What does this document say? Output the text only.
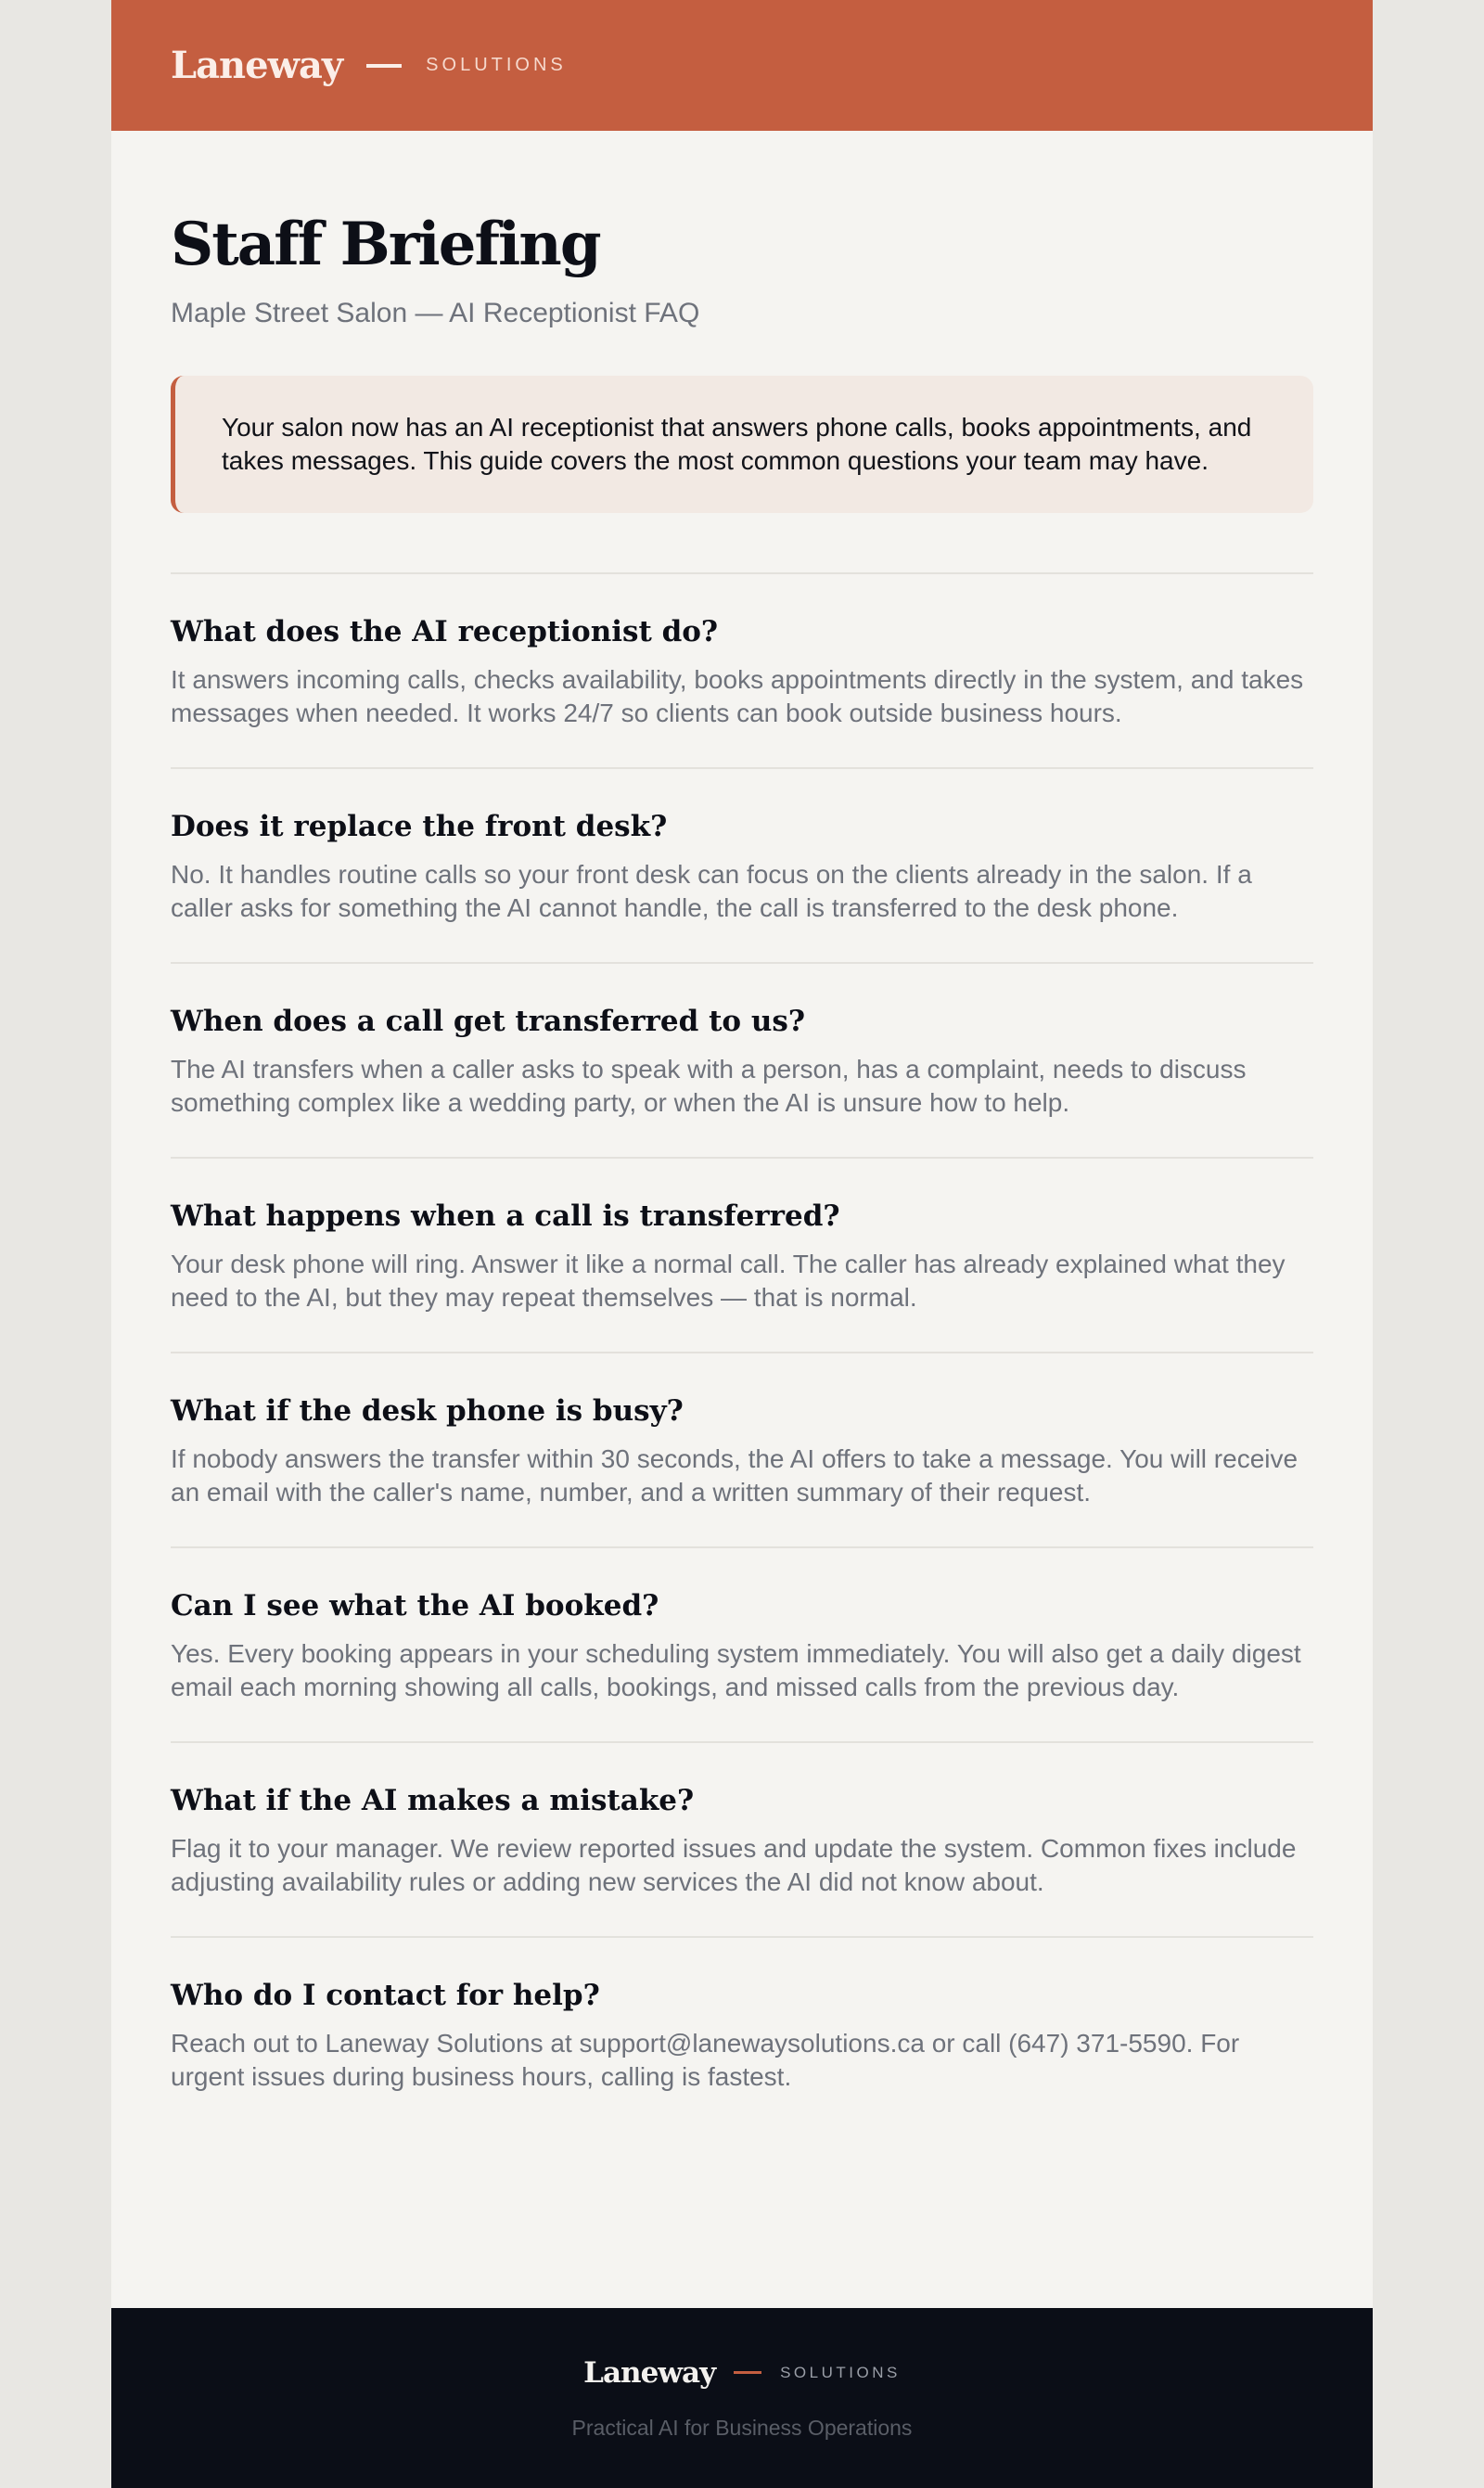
Laneway	SOLUTIONS
Staff Briefing
Maple Street Salon — AI Receptionist FAQ
Your salon now has an AI receptionist that answers phone calls, books appointments, and takes messages. This guide covers the most common questions your team may have.
What does the AI receptionist do?
It answers incoming calls, checks availability, books appointments directly in the system, and takes messages when needed. It works 24/7 so clients can book outside business hours.
Does it replace the front desk?
No. It handles routine calls so your front desk can focus on the clients already in the salon. If a caller asks for something the AI cannot handle, the call is transferred to the desk phone.
When does a call get transferred to us?
The AI transfers when a caller asks to speak with a person, has a complaint, needs to discuss something complex like a wedding party, or when the AI is unsure how to help.
What happens when a call is transferred?
Your desk phone will ring. Answer it like a normal call. The caller has already explained what they need to the AI, but they may repeat themselves — that is normal.
What if the desk phone is busy?
If nobody answers the transfer within 30 seconds, the AI offers to take a message. You will receive an email with the caller's name, number, and a written summary of their request.
Can I see what the AI booked?
Yes. Every booking appears in your scheduling system immediately. You will also get a daily digest email each morning showing all calls, bookings, and missed calls from the previous day.
What if the AI makes a mistake?
Flag it to your manager. We review reported issues and update the system. Common fixes include adjusting availability rules or adding new services the AI did not know about.
Who do I contact for help?
Reach out to Laneway Solutions at support@lanewaysolutions.ca or call (647) 371-5590. For urgent issues during business hours, calling is fastest.
Laneway	SOLUTIONS
Practical AI for Business Operations
